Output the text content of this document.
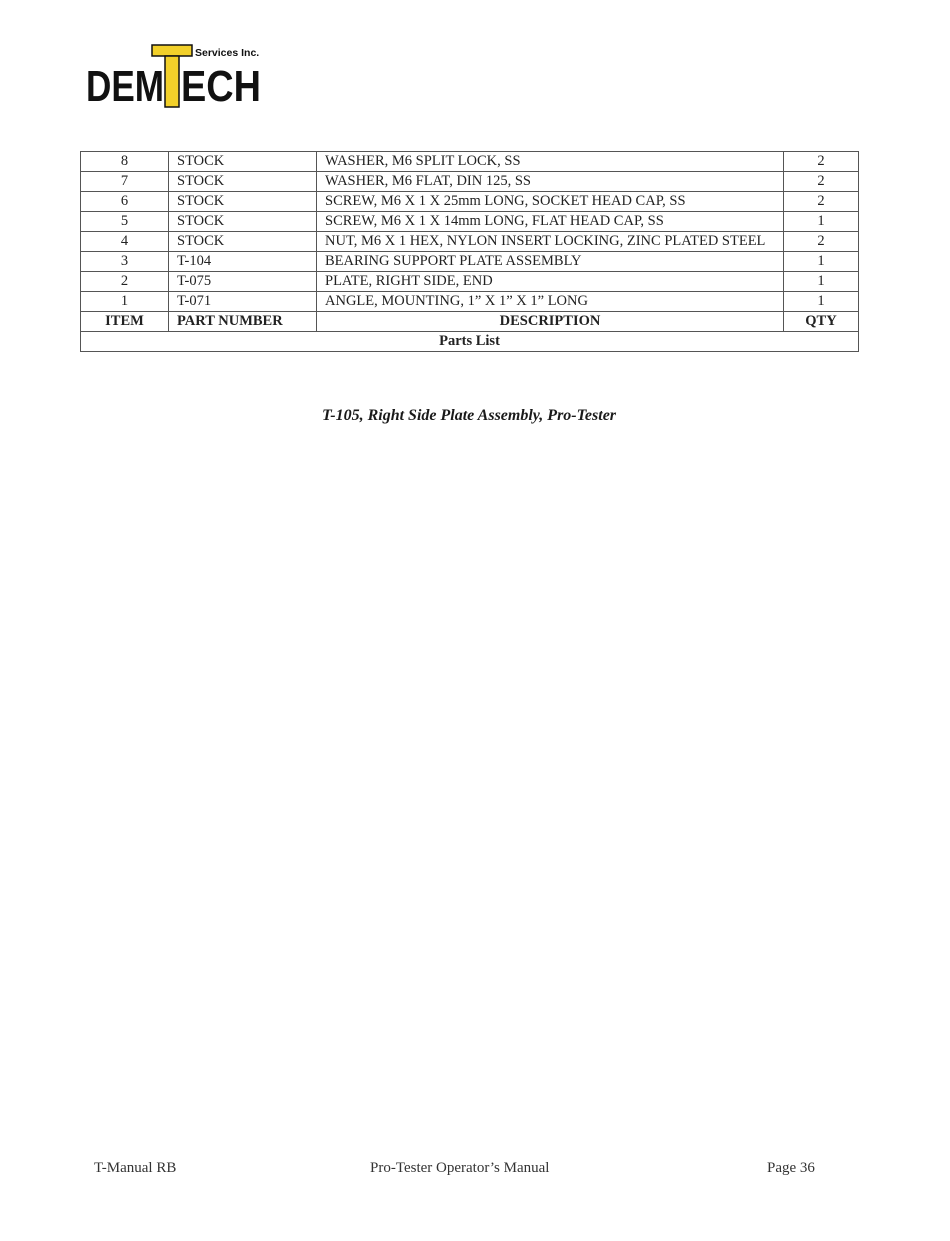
Services Inc.
DEM ECH
8	STOCK	WASHER, M6 SPLIT LOCK, SS	2
7	STOCK	WASHER, M6 FLAT, DIN 125, SS	2
6	STOCK	SCREW, M6 X 1 X 25mm LONG, SOCKET HEAD CAP, SS	2
5	STOCK	SCREW, M6 X 1 X 14mm LONG, FLAT HEAD CAP, SS	1
4	STOCK	NUT, M6 X 1 HEX, NYLON INSERT LOCKING, ZINC PLATED STEEL	2
3	T-104	BEARING SUPPORT PLATE ASSEMBLY	1
2	T-075	PLATE, RIGHT SIDE, END	1
1	T-071	ANGLE, MOUNTING, 1” X 1” X 1” LONG	1
ITEM	PART NUMBER	DESCRIPTION	QTY
Parts List			
T-105, Right Side Plate Assembly, Pro-Tester
T-Manual RB	Pro-Tester Operator’s Manual	Page 36
